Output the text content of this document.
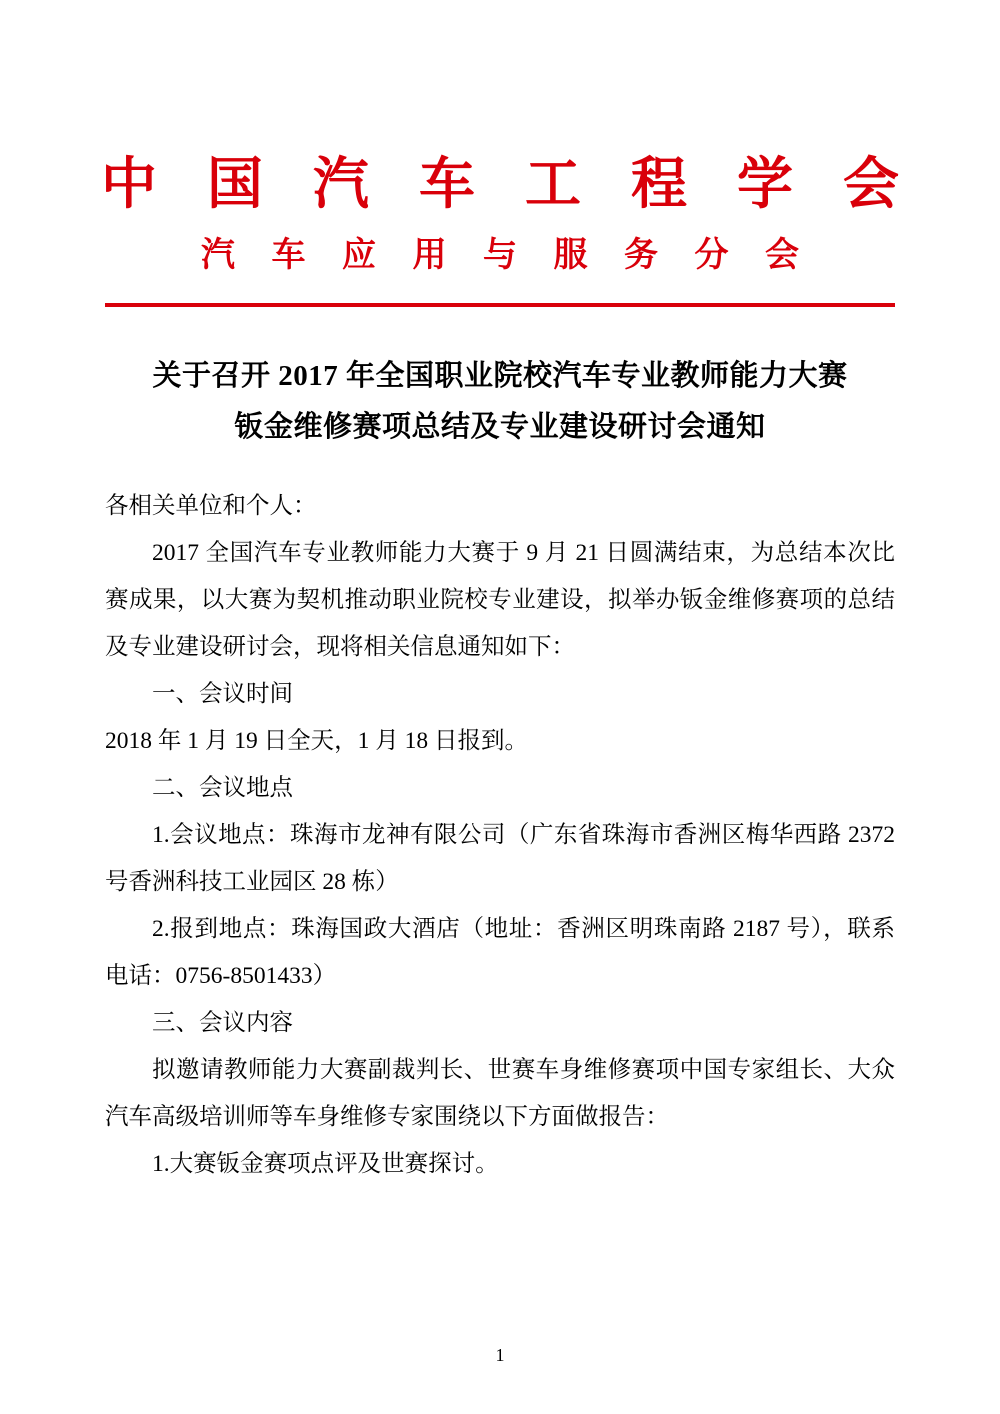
中 国 汽 车 工 程 学 会
汽 车 应 用 与 服 务 分 会
关于召开 2017 年全国职业院校汽车专业教师能力大赛
钣金维修赛项总结及专业建设研讨会通知

各相关单位和个人：

2017 全国汽车专业教师能力大赛于 9 月 21 日圆满结束，为总结本次比赛成果，以大赛为契机推动职业院校专业建设，拟举办钣金维修赛项的总结及专业建设研讨会，现将相关信息通知如下：

一、会议时间

2018 年 1 月 19 日全天，1 月 18 日报到。

二、会议地点

1.会议地点：珠海市龙神有限公司（广东省珠海市香洲区梅华西路 2372 号香洲科技工业园区 28 栋）

2.报到地点：珠海国政大酒店（地址：香洲区明珠南路 2187 号），联系电话：0756-8501433）

三、会议内容

拟邀请教师能力大赛副裁判长、世赛车身维修赛项中国专家组长、大众汽车高级培训师等车身维修专家围绕以下方面做报告：

1.大赛钣金赛项点评及世赛探讨。

1
